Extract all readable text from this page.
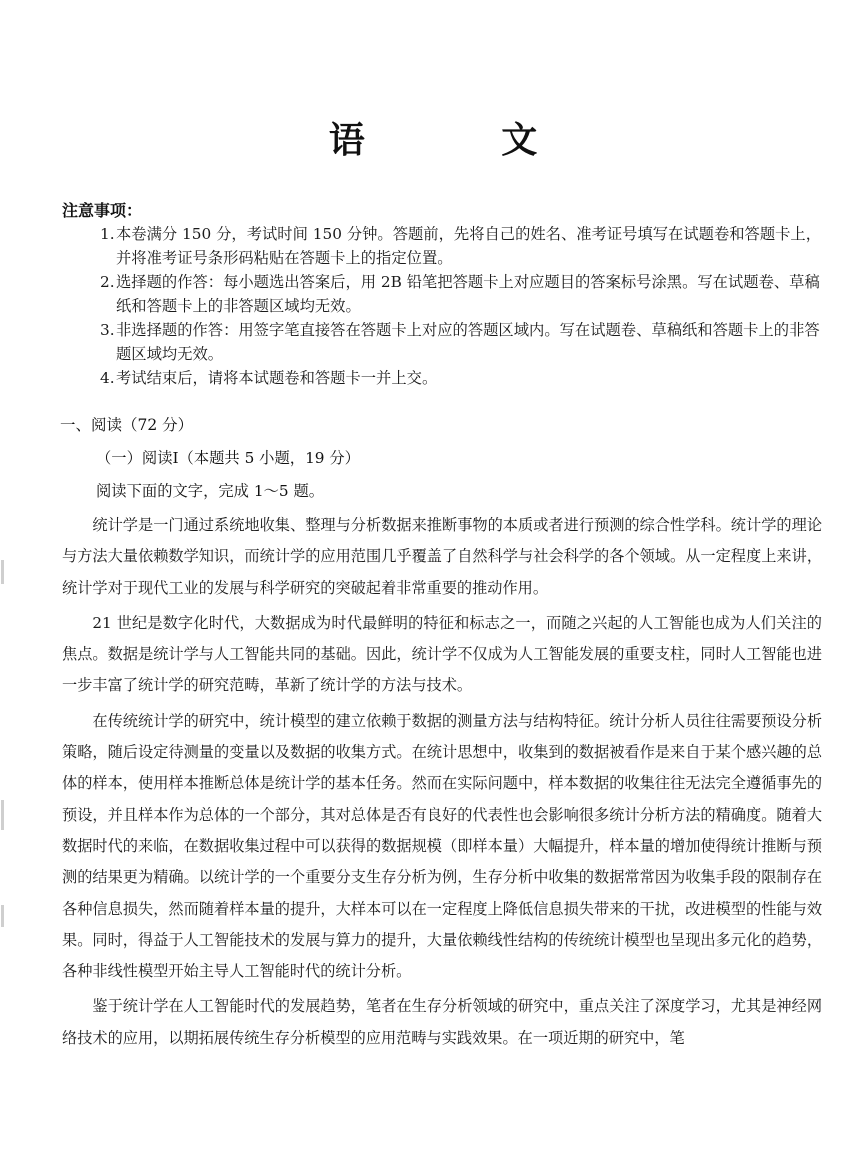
语 文
注意事项：

1.本卷满分 150 分，考试时间 150 分钟。答题前，先将自己的姓名、准考证号填写在试题卷和答题卡上，并将准考证号条形码粘贴在答题卡上的指定位置。

2.选择题的作答：每小题选出答案后，用 2B 铅笔把答题卡上对应题目的答案标号涂黑。写在试题卷、草稿纸和答题卡上的非答题区域均无效。

3.非选择题的作答：用签字笔直接答在答题卡上对应的答题区域内。写在试题卷、草稿纸和答题卡上的非答题区域均无效。

4.考试结束后，请将本试题卷和答题卡一并上交。

一、阅读（72 分）
（一）阅读Ⅰ（本题共 5 小题，19 分）
阅读下面的文字，完成 1～5 题。

统计学是一门通过系统地收集、整理与分析数据来推断事物的本质或者进行预测的综合性学科。统计学的理论与方法大量依赖数学知识，而统计学的应用范围几乎覆盖了自然科学与社会科学的各个领域。从一定程度上来讲，统计学对于现代工业的发展与科学研究的突破起着非常重要的推动作用。

21 世纪是数字化时代，大数据成为时代最鲜明的特征和标志之一，而随之兴起的人工智能也成为人们关注的焦点。数据是统计学与人工智能共同的基础。因此，统计学不仅成为人工智能发展的重要支柱，同时人工智能也进一步丰富了统计学的研究范畴，革新了统计学的方法与技术。

在传统统计学的研究中，统计模型的建立依赖于数据的测量方法与结构特征。统计分析人员往往需要预设分析策略，随后设定待测量的变量以及数据的收集方式。在统计思想中，收集到的数据被看作是来自于某个感兴趣的总体的样本，使用样本推断总体是统计学的基本任务。然而在实际问题中，样本数据的收集往往无法完全遵循事先的预设，并且样本作为总体的一个部分，其对总体是否有良好的代表性也会影响很多统计分析方法的精确度。随着大数据时代的来临，在数据收集过程中可以获得的数据规模（即样本量）大幅提升，样本量的增加使得统计推断与预测的结果更为精确。以统计学的一个重要分支生存分析为例，生存分析中收集的数据常常因为收集手段的限制存在各种信息损失，然而随着样本量的提升，大样本可以在一定程度上降低信息损失带来的干扰，改进模型的性能与效果。同时，得益于人工智能技术的发展与算力的提升，大量依赖线性结构的传统统计模型也呈现出多元化的趋势，各种非线性模型开始主导人工智能时代的统计分析。

鉴于统计学在人工智能时代的发展趋势，笔者在生存分析领域的研究中，重点关注了深度学习，尤其是神经网络技术的应用，以期拓展传统生存分析模型的应用范畴与实践效果。在一项近期的研究中，笔
